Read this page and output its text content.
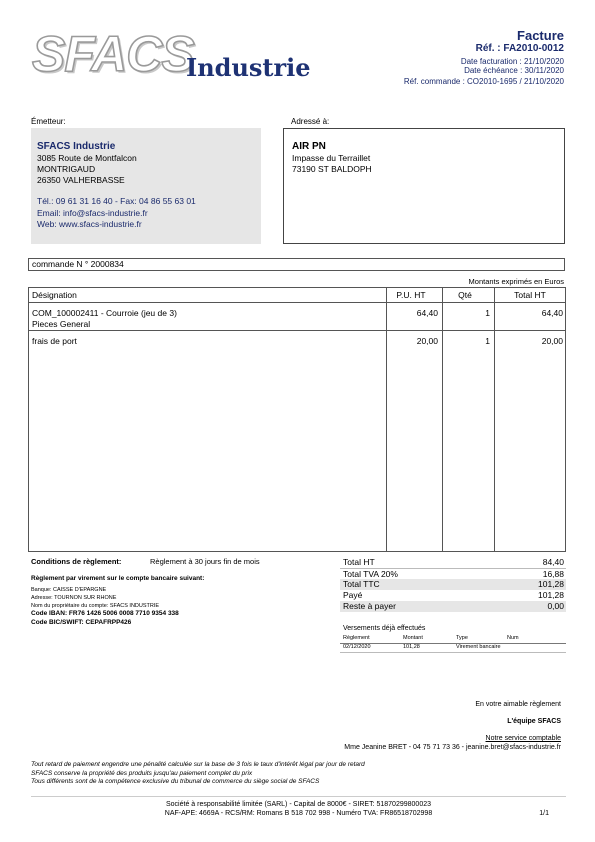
SFACS
Industrie
Facture
Réf. : FA2010-0012
Date facturation : 21/10/2020
Date échéance : 30/11/2020
Réf. commande : CO2010-1695 / 21/10/2020
Émetteur:
SFACS Industrie
3085 Route de Montfalcon
MONTRIGAUD
26350 VALHERBASSE
Tél.: 09 61 31 16 40 - Fax: 04 86 55 63 01
Email: info@sfacs-industrie.fr
Web: www.sfacs-industrie.fr
Adressé à:
AIR PN
Impasse du Terraillet
73190 ST BALDOPH
commande N ° 2000834
Montants exprimés en Euros
Désignation	P.U. HT	Qté	Total HT
COM_100002411 - Courroie (jeu de 3)
Pieces General
64,40	1	64,40
frais de port	20,00	1	20,00
Conditions de règlement:	Règlement à 30 jours fin de mois
Règlement par virement sur le compte bancaire suivant:
Banque: CAISSE D'EPARGNE
Adresse: TOURNON SUR RHONE
Nom du propriétaire du compte: SFACS INDUSTRIE
Code IBAN: FR76 1426 5006 0008 7710 9354 338
Code BIC/SWIFT: CEPAFRPP426
Total HT	84,40
Total TVA 20%	16,88
Total TTC	101,28
Payé	101,28
Reste à payer	0,00
Versements déjà effectués
Règlement	Montant	Type	Num
02/12/2020	101,28	Virement bancaire
En votre aimable règlement
L'équipe SFACS
Notre service comptable
Mme Jeanine BRET - 04 75 71 73 36 - jeanine.bret@sfacs-industrie.fr
Tout retard de paiement engendre une pénalité calculée sur la base de 3 fois le taux d'intérêt légal par jour de retard
SFACS conserve la propriété des produits jusqu'au paiement complet du prix
Tous différents sont de la compétence exclusive du tribunal de commerce du siège social de SFACS
Société à responsabilité limitée (SARL) - Capital de 8000€ - SIRET: 51870299800023
NAF-APE: 4669A - RCS/RM: Romans B 518 702 998 - Numéro TVA: FR86518702998	1/1
